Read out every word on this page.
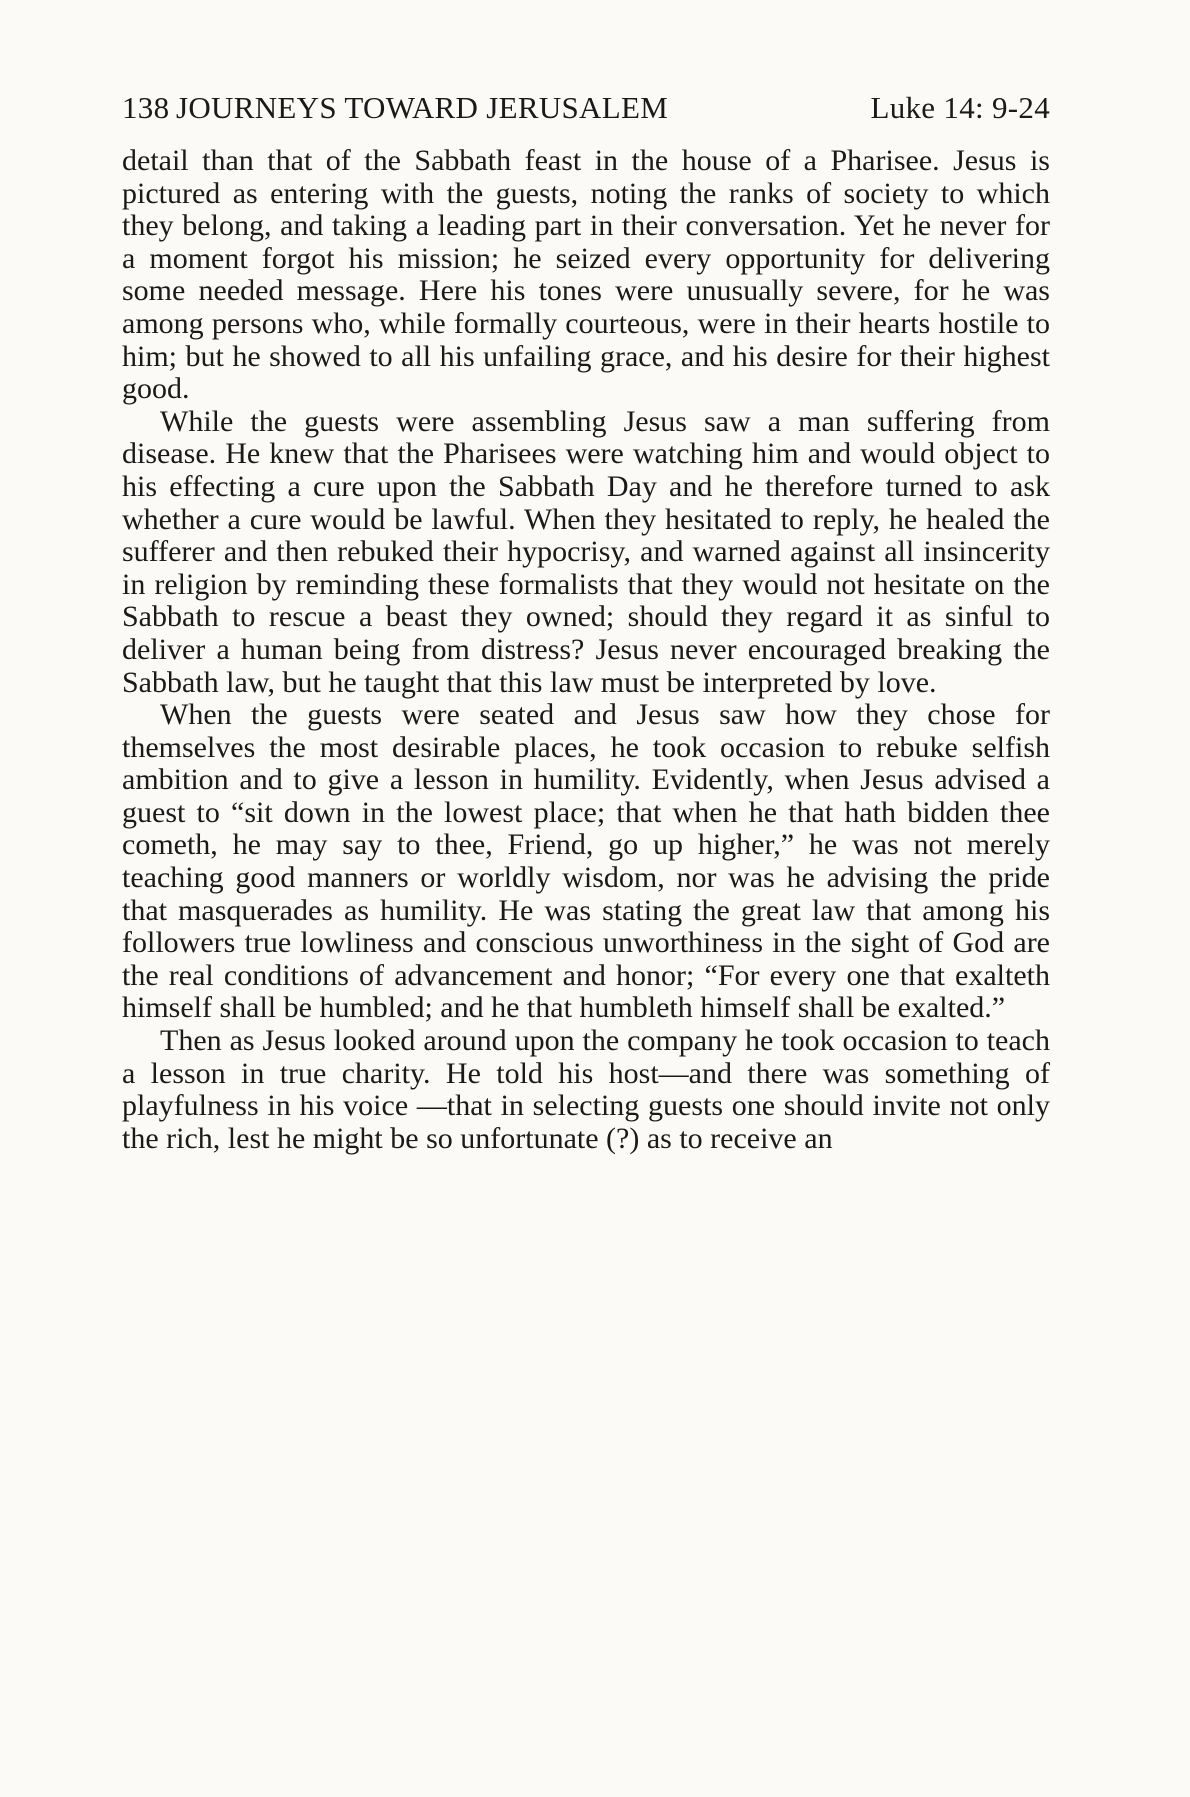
138 JOURNEYS TOWARD JERUSALEM	Luke 14: 9-24

detail than that of the Sabbath feast in the house of a Pharisee. Jesus is pictured as entering with the guests, noting the ranks of society to which they belong, and taking a leading part in their conversation. Yet he never for a moment forgot his mission; he seized every opportunity for delivering some needed message. Here his tones were unusually severe, for he was among persons who, while formally courteous, were in their hearts hostile to him; but he showed to all his unfailing grace, and his desire for their highest good.

While the guests were assembling Jesus saw a man suffering from disease. He knew that the Pharisees were watching him and would object to his effecting a cure upon the Sabbath Day and he therefore turned to ask whether a cure would be lawful. When they hesitated to reply, he healed the sufferer and then rebuked their hypocrisy, and warned against all insincerity in religion by reminding these formalists that they would not hesitate on the Sabbath to rescue a beast they owned; should they regard it as sinful to deliver a human being from distress? Jesus never encouraged breaking the Sabbath law, but he taught that this law must be interpreted by love.

When the guests were seated and Jesus saw how they chose for themselves the most desirable places, he took occasion to rebuke selfish ambition and to give a lesson in humility. Evidently, when Jesus advised a guest to “sit down in the lowest place; that when he that hath bidden thee cometh, he may say to thee, Friend, go up higher,” he was not merely teaching good manners or worldly wisdom, nor was he advising the pride that masquerades as humility. He was stating the great law that among his followers true lowliness and conscious unworthiness in the sight of God are the real conditions of advancement and honor; “For every one that exalteth himself shall be humbled; and he that humbleth himself shall be exalted.”

Then as Jesus looked around upon the company he took occasion to teach a lesson in true charity. He told his host—and there was something of playfulness in his voice —that in selecting guests one should invite not only the rich, lest he might be so unfortunate (?) as to receive an
